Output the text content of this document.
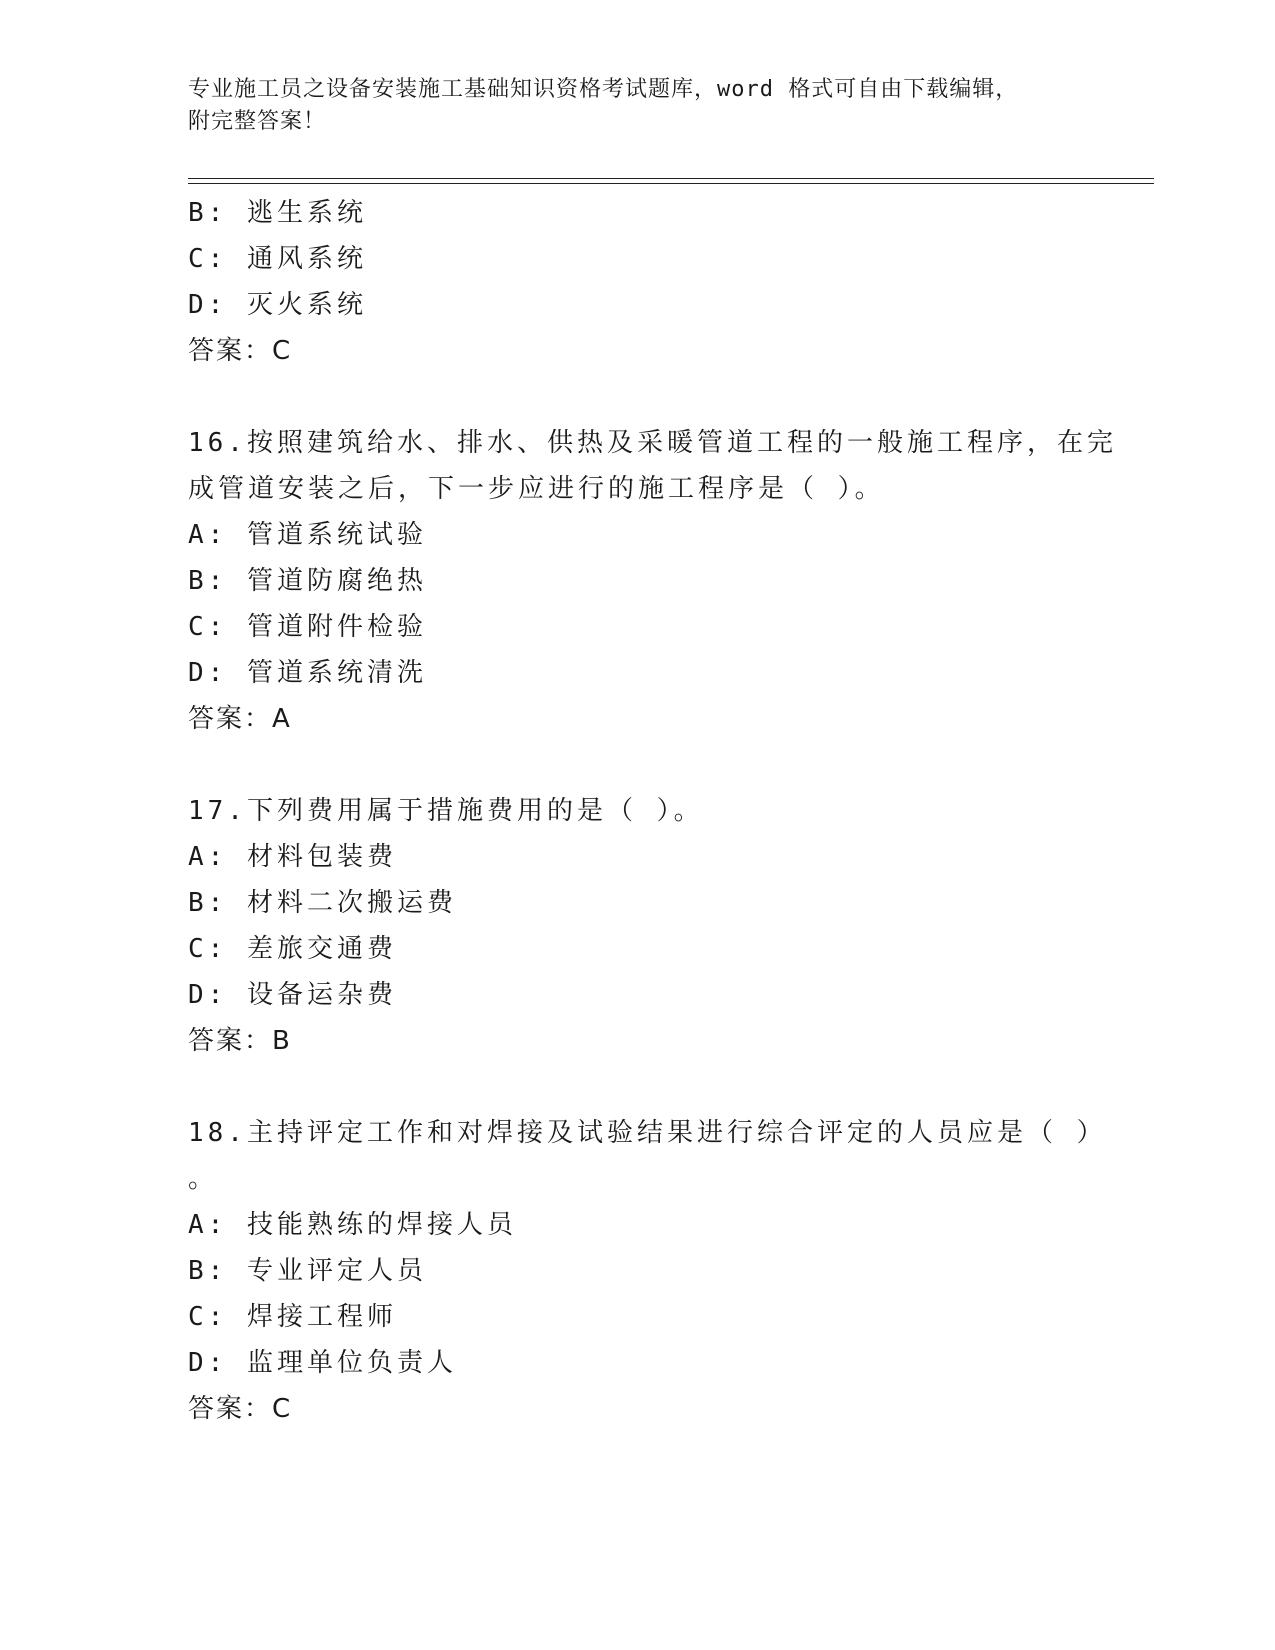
专业施工员之设备安装施工基础知识资格考试题库，word 格式可自由下载编辑，
附完整答案！
B: 逃生系统
C: 通风系统
D: 灭火系统
答案：C
16.按照建筑给水、排水、供热及采暖管道工程的一般施工程序，在完
成管道安装之后，下一步应进行的施工程序是（ ）。
A: 管道系统试验
B: 管道防腐绝热
C: 管道附件检验
D: 管道系统清洗
答案：A
17.下列费用属于措施费用的是（ ）。
A: 材料包装费
B: 材料二次搬运费
C: 差旅交通费
D: 设备运杂费
答案：B
18.主持评定工作和对焊接及试验结果进行综合评定的人员应是（ ）
。
A: 技能熟练的焊接人员
B: 专业评定人员
C: 焊接工程师
D: 监理单位负责人
答案：C
